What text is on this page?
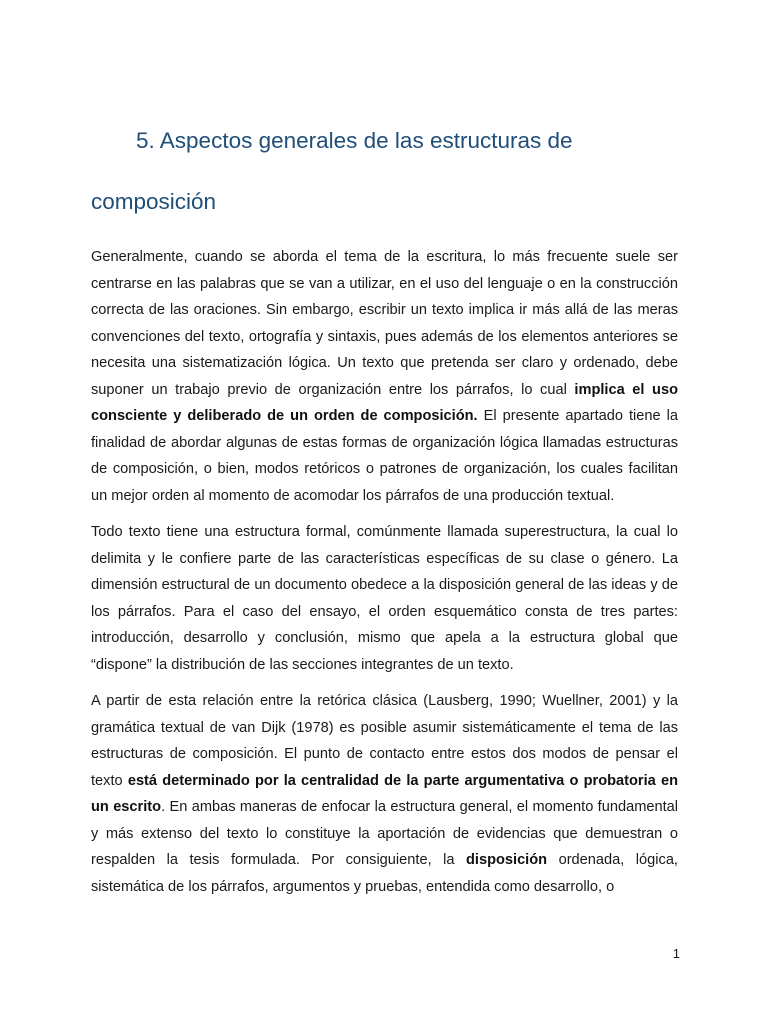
5. Aspectos generales de las estructuras de composición

Generalmente, cuando se aborda el tema de la escritura, lo más frecuente suele ser centrarse en las palabras que se van a utilizar, en el uso del lenguaje o en la construcción correcta de las oraciones. Sin embargo, escribir un texto implica ir más allá de las meras convenciones del texto, ortografía y sintaxis, pues además de los elementos anteriores se necesita una sistematización lógica. Un texto que pretenda ser claro y ordenado, debe suponer un trabajo previo de organización entre los párrafos, lo cual implica el uso consciente y deliberado de un orden de composición. El presente apartado tiene la finalidad de abordar algunas de estas formas de organización lógica llamadas estructuras de composición, o bien, modos retóricos o patrones de organización, los cuales facilitan un mejor orden al momento de acomodar los párrafos de una producción textual.

Todo texto tiene una estructura formal, comúnmente llamada superestructura, la cual lo delimita y le confiere parte de las características específicas de su clase o género. La dimensión estructural de un documento obedece a la disposición general de las ideas y de los párrafos. Para el caso del ensayo, el orden esquemático consta de tres partes: introducción, desarrollo y conclusión, mismo que apela a la estructura global que “dispone” la distribución de las secciones integrantes de un texto.

A partir de esta relación entre la retórica clásica (Lausberg, 1990; Wuellner, 2001) y la gramática textual de van Dijk (1978) es posible asumir sistemáticamente el tema de las estructuras de composición. El punto de contacto entre estos dos modos de pensar el texto está determinado por la centralidad de la parte argumentativa o probatoria en un escrito. En ambas maneras de enfocar la estructura general, el momento fundamental y más extenso del texto lo constituye la aportación de evidencias que demuestran o respalden la tesis formulada. Por consiguiente, la disposición ordenada, lógica, sistemática de los párrafos, argumentos y pruebas, entendida como desarrollo, o

1
